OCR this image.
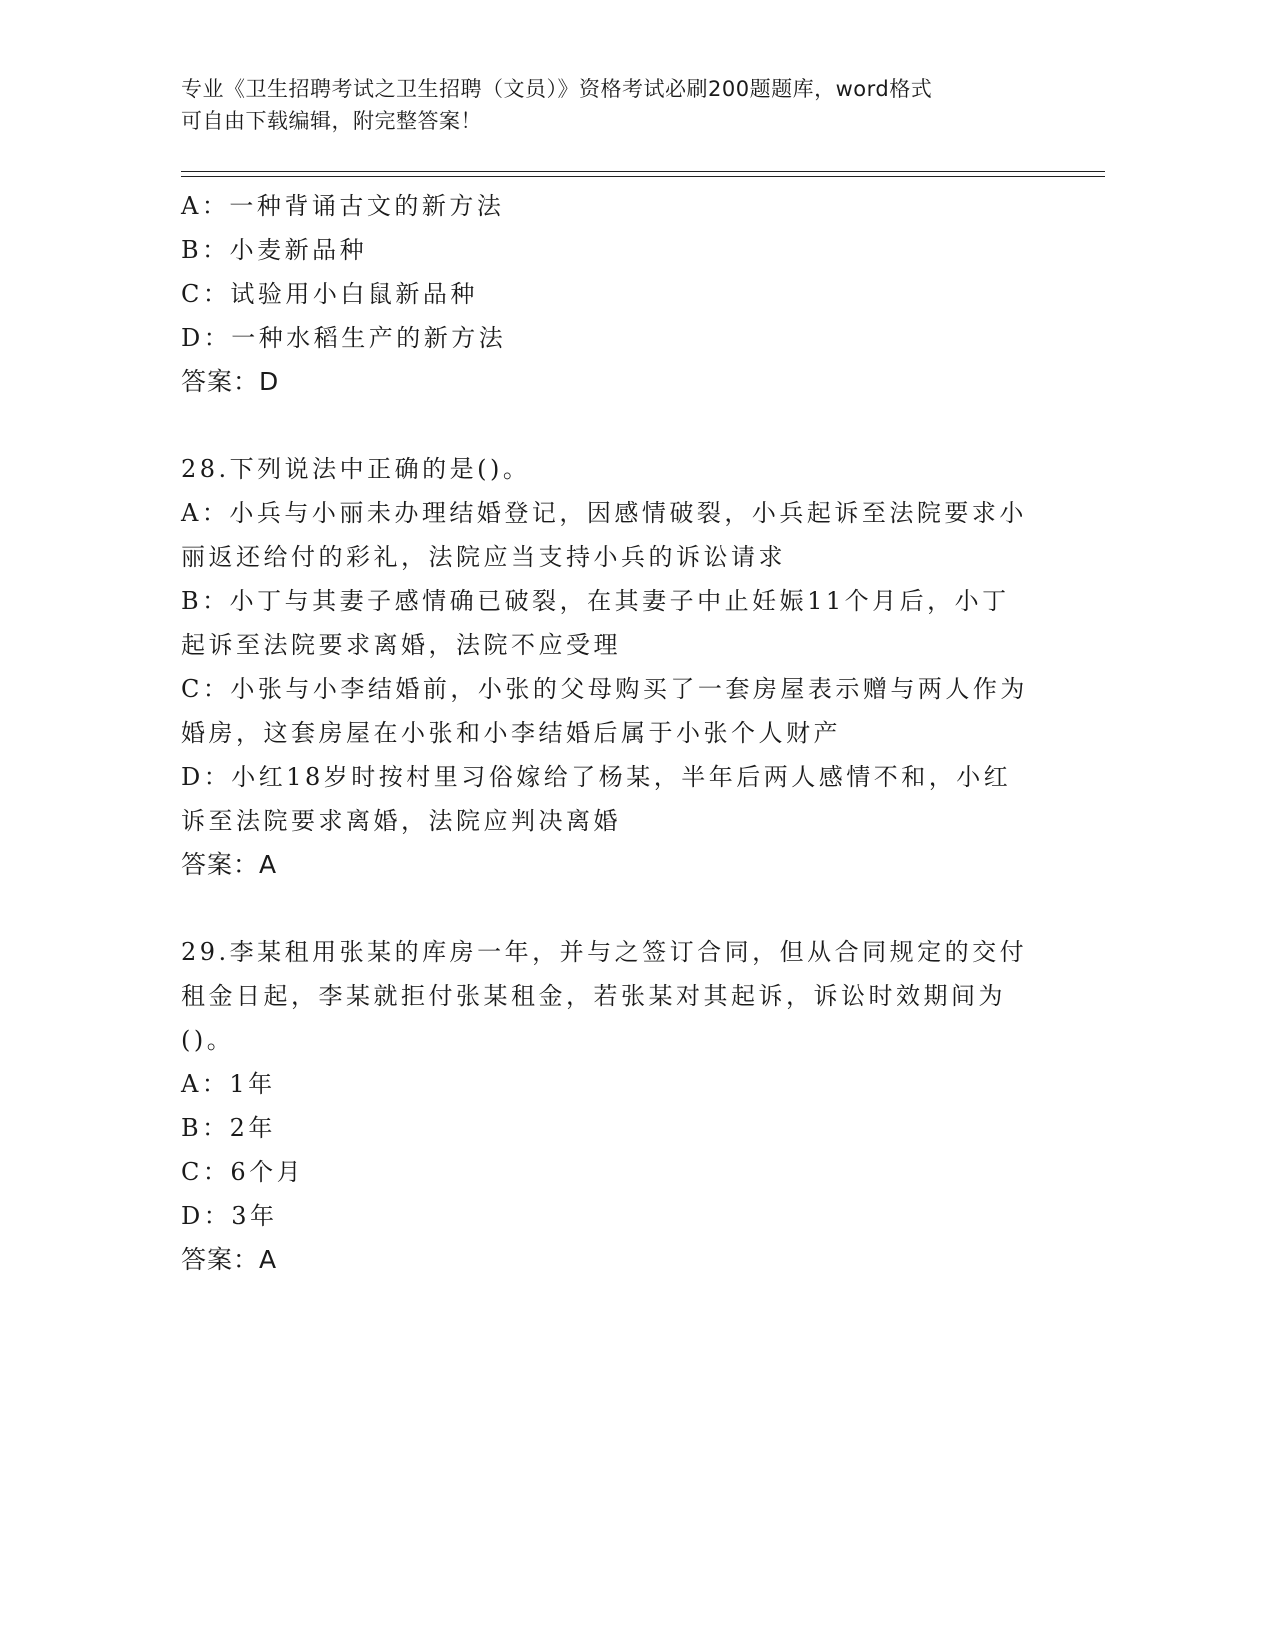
专业《卫生招聘考试之卫生招聘（文员）》资格考试必刷200题题库，word格式
可自由下载编辑，附完整答案！
A：一种背诵古文的新方法
B：小麦新品种
C：试验用小白鼠新品种
D：一种水稻生产的新方法
答案：D
28.下列说法中正确的是()。
A：小兵与小丽未办理结婚登记，因感情破裂，小兵起诉至法院要求小
丽返还给付的彩礼，法院应当支持小兵的诉讼请求
B：小丁与其妻子感情确已破裂，在其妻子中止妊娠11个月后，小丁
起诉至法院要求离婚，法院不应受理
C：小张与小李结婚前，小张的父母购买了一套房屋表示赠与两人作为
婚房，这套房屋在小张和小李结婚后属于小张个人财产
D：小红18岁时按村里习俗嫁给了杨某，半年后两人感情不和，小红
诉至法院要求离婚，法院应判决离婚
答案：A
29.李某租用张某的库房一年，并与之签订合同，但从合同规定的交付
租金日起，李某就拒付张某租金，若张某对其起诉，诉讼时效期间为
()。
A：1年
B：2年
C：6个月
D：3年
答案：A
